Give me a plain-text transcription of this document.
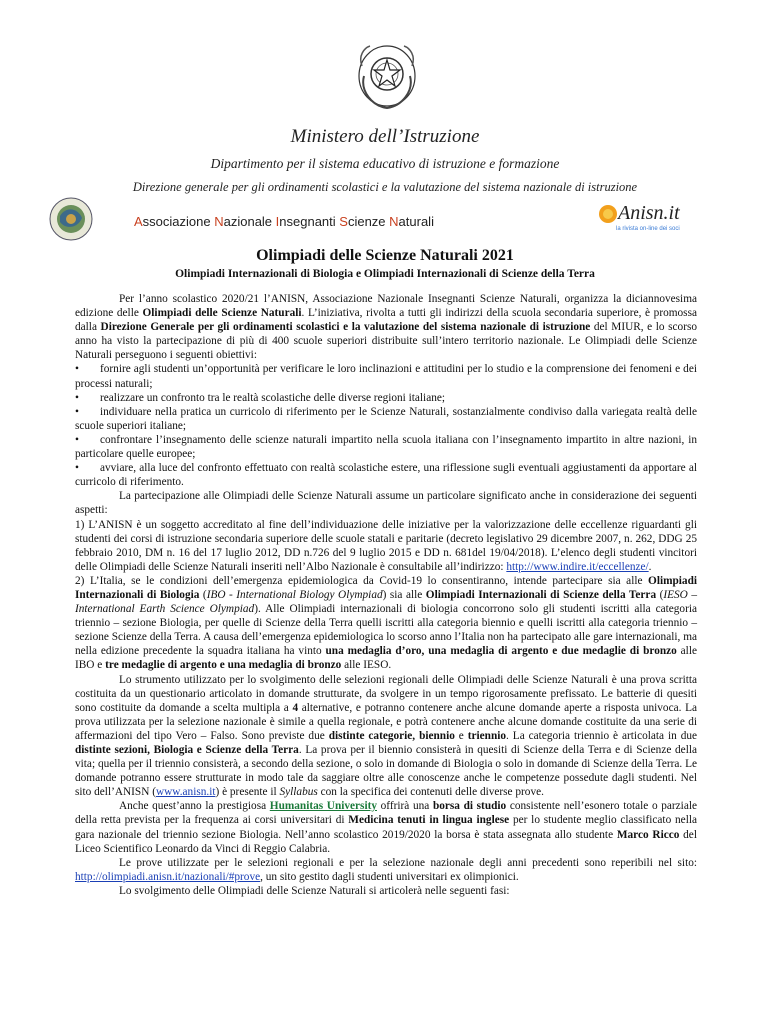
Ministero dell’Istruzione
Dipartimento per il sistema educativo di istruzione e formazione
Direzione generale per gli ordinamenti scolastici e la valutazione del sistema nazionale di istruzione
Associazione Nazionale Insegnanti Scienze Naturali	Anisn.it
la rivista on-line dei soci
Olimpiadi delle Scienze Naturali 2021
Olimpiadi Internazionali di Biologia e Olimpiadi Internazionali di Scienze della Terra

Per l’anno scolastico 2020/21 l’ANISN, Associazione Nazionale Insegnanti Scienze Naturali, organizza la diciannovesima edizione delle Olimpiadi delle Scienze Naturali. L’iniziativa, rivolta a tutti gli indirizzi della scuola secondaria superiore, è promossa dalla Direzione Generale per gli ordinamenti scolastici e la valutazione del sistema nazionale di istruzione del MIUR, e lo scorso anno ha visto la partecipazione di più di 400 scuole superiori distribuite sull’intero territorio nazionale. Le Olimpiadi delle Scienze Naturali perseguono i seguenti obiettivi:

• fornire agli studenti un’opportunità per verificare le loro inclinazioni e attitudini per lo studio e la comprensione dei fenomeni e dei processi naturali;

• realizzare un confronto tra le realtà scolastiche delle diverse regioni italiane;

• individuare nella pratica un curricolo di riferimento per le Scienze Naturali, sostanzialmente condiviso dalla variegata realtà delle scuole superiori italiane;

• confrontare l’insegnamento delle scienze naturali impartito nella scuola italiana con l’insegnamento impartito in altre nazioni, in particolare quelle europee;

• avviare, alla luce del confronto effettuato con realtà scolastiche estere, una riflessione sugli eventuali aggiustamenti da apportare al curricolo di riferimento.

La partecipazione alle Olimpiadi delle Scienze Naturali assume un particolare significato anche in considerazione dei seguenti aspetti:

1) L’ANISN è un soggetto accreditato al fine dell’individuazione delle iniziative per la valorizzazione delle eccellenze riguardanti gli studenti dei corsi di istruzione secondaria superiore delle scuole statali e paritarie (decreto legislativo 29 dicembre 2007, n. 262, DDG 25 febbraio 2010, DM n. 16 del 17 luglio 2012, DD n.726 del 9 luglio 2015 e DD n. 681del 19/04/2018). L’elenco degli studenti vincitori delle Olimpiadi delle Scienze Naturali inseriti nell’Albo Nazionale è consultabile all’indirizzo: http://www.indire.it/eccellenze/.

2) L’Italia, se le condizioni dell’emergenza epidemiologica da Covid-19 lo consentiranno, intende partecipare sia alle Olimpiadi Internazionali di Biologia (IBO - International Biology Olympiad) sia alle Olimpiadi Internazionali di Scienze della Terra (IESO – International Earth Science Olympiad). Alle Olimpiadi internazionali di biologia concorrono solo gli studenti iscritti alla categoria triennio – sezione Biologia, per quelle di Scienze della Terra quelli iscritti alla categoria biennio e quelli iscritti alla categoria triennio – sezione Scienze della Terra. A causa dell’emergenza epidemiologica lo scorso anno l’Italia non ha partecipato alle gare internazionali, ma nella edizione precedente la squadra italiana ha vinto una medaglia d’oro, una medaglia di argento e due medaglie di bronzo alle IBO e tre medaglie di argento e una medaglia di bronzo alle IESO.

Lo strumento utilizzato per lo svolgimento delle selezioni regionali delle Olimpiadi delle Scienze Naturali è una prova scritta costituita da un questionario articolato in domande strutturate, da svolgere in un tempo rigorosamente prefissato. Le batterie di quesiti sono costituite da domande a scelta multipla a 4 alternative, e potranno contenere anche alcune domande aperte a risposta univoca. La prova utilizzata per la selezione nazionale è simile a quella regionale, e potrà contenere anche alcune domande costituite da una serie di affermazioni del tipo Vero – Falso. Sono previste due distinte categorie, biennio e triennio. La categoria triennio è articolata in due distinte sezioni, Biologia e Scienze della Terra. La prova per il biennio consisterà in quesiti di Scienze della Terra e di Scienze della vita; quella per il triennio consisterà, a secondo della sezione, o solo in domande di Biologia o solo in domande di Scienze della Terra. Le domande potranno essere strutturate in modo tale da saggiare oltre alle conoscenze anche le competenze possedute dagli studenti. Nel sito dell’ANISN (www.anisn.it) è presente il Syllabus con la specifica dei contenuti delle diverse prove.

Anche quest’anno la prestigiosa Humanitas University offrirà una borsa di studio consistente nell’esonero totale o parziale della retta prevista per la frequenza ai corsi universitari di Medicina tenuti in lingua inglese per lo studente meglio classificato nella gara nazionale del triennio sezione Biologia. Nell’anno scolastico 2019/2020 la borsa è stata assegnata allo studente Marco Ricco del Liceo Scientifico Leonardo da Vinci di Reggio Calabria.

Le prove utilizzate per le selezioni regionali e per la selezione nazionale degli anni precedenti sono reperibili nel sito: http://olimpiadi.anisn.it/nazionali/#prove, un sito gestito dagli studenti universitari ex olimpionici.

Lo svolgimento delle Olimpiadi delle Scienze Naturali si articolerà nelle seguenti fasi:
